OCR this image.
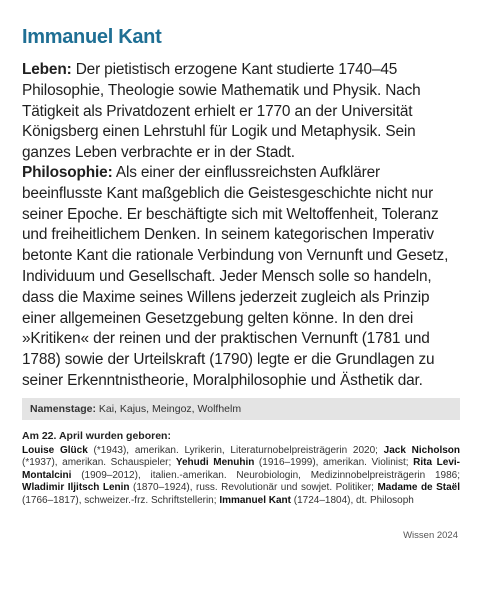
Immanuel Kant
Leben: Der pietistisch erzogene Kant studierte 1740–45 Philosophie, Theologie sowie Mathematik und Physik. Nach Tätigkeit als Privatdozent erhielt er 1770 an der Universität Königsberg einen Lehrstuhl für Logik und Metaphysik. Sein ganzes Leben verbrachte er in der Stadt.
Philosophie: Als einer der einflussreichsten Aufklärer beeinflusste Kant maßgeblich die Geistesgeschichte nicht nur seiner Epoche. Er beschäftigte sich mit Weltoffenheit, Toleranz und freiheitlichem Denken. In seinem kategorischen Imperativ betonte Kant die rationale Verbindung von Vernunft und Gesetz, Individuum und Gesellschaft. Jeder Mensch solle so handeln, dass die Maxime seines Willens jederzeit zugleich als Prinzip einer allgemeinen Gesetzgebung gelten könne. In den drei »Kritiken« der reinen und der praktischen Vernunft (1781 und 1788) sowie der Urteilskraft (1790) legte er die Grundlagen zu seiner Erkenntnistheorie, Moralphilosophie und Ästhetik dar.
Namenstage: Kai, Kajus, Meingoz, Wolfhelm
Am 22. April wurden geboren:
Louise Glück (*1943), amerikan. Lyrikerin, Literaturnobelpreisträgerin 2020; Jack Nicholson (*1937), amerikan. Schauspieler; Yehudi Menuhin (1916–1999), amerikan. Violinist; Rita Levi-Montalcini (1909–2012), italien.-amerikan. Neurobiologin, Medizinnobelpreisträgerin 1986; Wladimir Iljitsch Lenin (1870–1924), russ. Revolutionär und sowjet. Politiker; Madame de Staël (1766–1817), schweizer.-frz. Schriftstellerin; Immanuel Kant (1724–1804), dt. Philosoph
Wissen 2024
